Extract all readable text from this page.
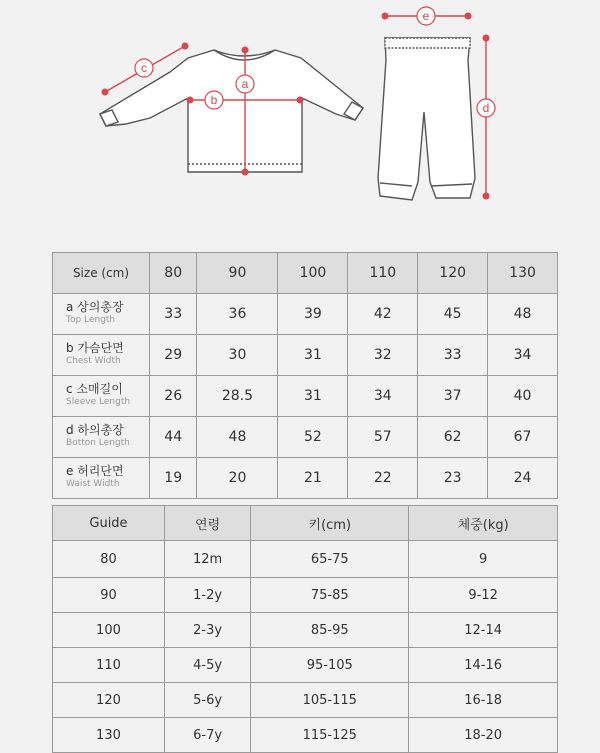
a
b
c
d
e
Size (cm)	80	90	100	110	120	130

a 상의총장
Top Length	33	36	39	42	45	48

b 가슴단면
Chest Width	29	30	31	32	33	34

c 소매길이
Sleeve Length	26	28.5	31	34	37	40

d 하의총장
Botton Length	44	48	52	57	62	67

e 허리단면
Waist Width	19	20	21	22	23	24
Guide	연령	키(cm)	체중(kg)
80	12m	65-75	9
90	1-2y	75-85	9-12
100	2-3y	85-95	12-14
110	4-5y	95-105	14-16
120	5-6y	105-115	16-18
130	6-7y	115-125	18-20
